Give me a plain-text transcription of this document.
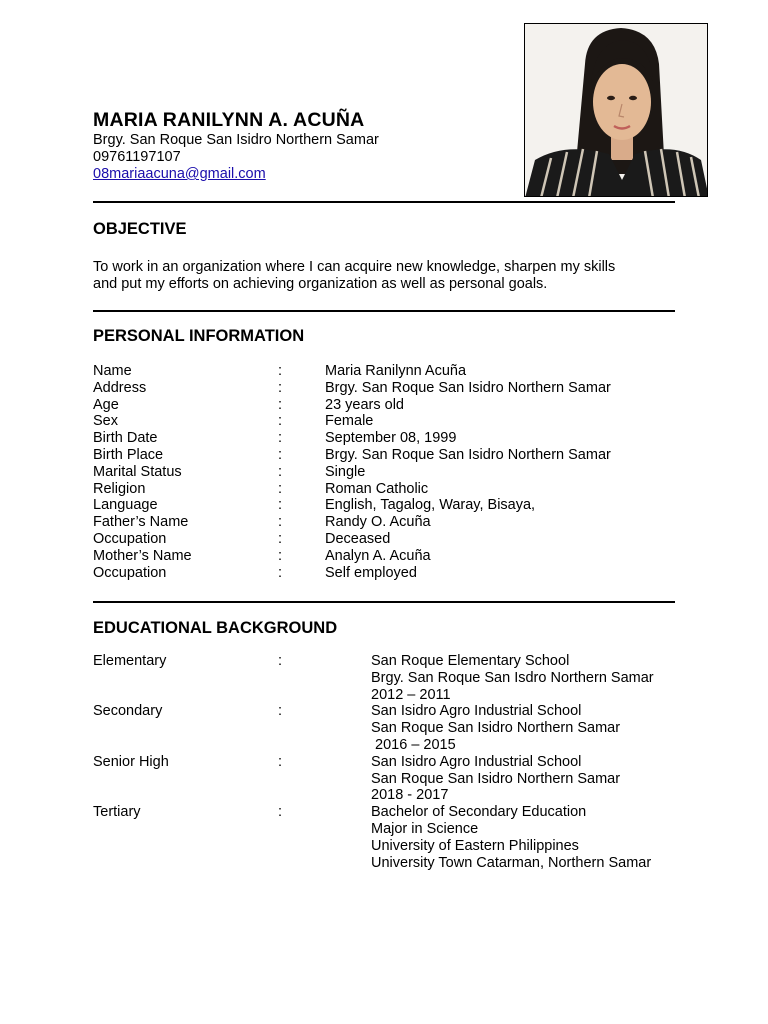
MARIA RANILYNN A. ACUÑA
Brgy. San Roque San Isidro Northern Samar
09761197107
08mariaacuna@gmail.com
OBJECTIVE
To work in an organization where I can acquire new knowledge, sharpen my skills
and put my efforts on achieving organization as well as personal goals.
PERSONAL INFORMATION
Name	:	Maria Ranilynn Acuña
Address	:	Brgy. San Roque San Isidro Northern Samar
Age	:	23 years old
Sex	:	Female
Birth Date	:	September 08, 1999
Birth Place	:	Brgy. San Roque San Isidro Northern Samar
Marital Status	:	Single
Religion	:	Roman Catholic
Language	:	English, Tagalog, Waray, Bisaya,
Father’s Name	:	Randy O. Acuña
Occupation	:	Deceased
Mother’s Name	:	Analyn A. Acuña
Occupation	:	Self employed
EDUCATIONAL BACKGROUND
Elementary	:	San Roque Elementary School
Brgy. San Roque San Isdro Northern Samar
2012 – 2011
Secondary	:	San Isidro Agro Industrial School
San Roque San Isidro Northern Samar
2016 – 2015
Senior High	:	San Isidro Agro Industrial School
San Roque San Isidro Northern Samar
2018 - 2017
Tertiary	:	Bachelor of Secondary Education
Major in Science
University of Eastern Philippines
University Town Catarman, Northern Samar
